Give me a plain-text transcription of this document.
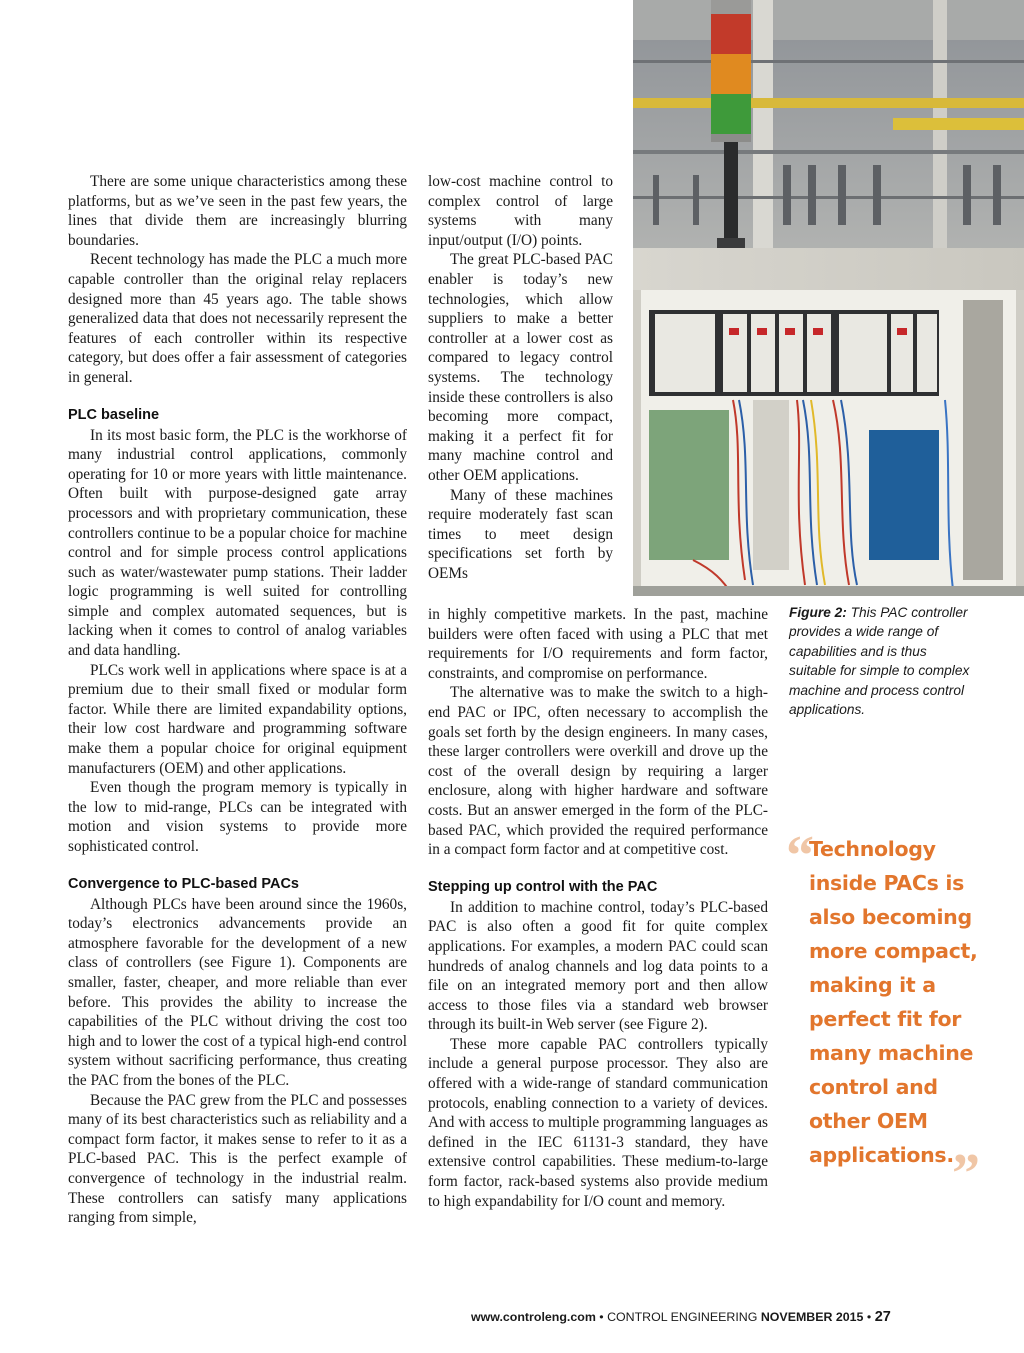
There are some unique characteristics among these platforms, but as we’ve seen in the past few years, the lines that divide them are increasingly blurring boundaries.

Recent technology has made the PLC a much more capable controller than the original relay replacers designed more than 45 years ago. The table shows generalized data that does not necessarily represent the features of each controller within its respective category, but does offer a fair assessment of categories in general.

PLC baseline

In its most basic form, the PLC is the workhorse of many industrial control applications, commonly operating for 10 or more years with little maintenance. Often built with purpose-designed gate array processors and with proprietary communication, these controllers continue to be a popular choice for machine control and for simple process control applications such as water/wastewater pump stations. Their ladder logic programming is well suited for controlling simple and complex automated sequences, but is lacking when it comes to control of analog variables and data handling.

PLCs work well in applications where space is at a premium due to their small fixed or modular form factor. While there are limited expandability options, their low cost hardware and programming software make them a popular choice for original equipment manufacturers (OEM) and other applications.

Even though the program memory is typically in the low to mid-range, PLCs can be integrated with motion and vision systems to provide more sophisticated control.

Convergence to PLC-based PACs

Although PLCs have been around since the 1960s, today’s electronics advancements provide an atmosphere favorable for the development of a new class of controllers (see Figure 1). Components are smaller, faster, cheaper, and more reliable than ever before. This provides the ability to increase the capabilities of the PLC without driving the cost too high and to lower the cost of a typical high-end control system without sacrificing performance, thus creating the PAC from the bones of the PLC.

Because the PAC grew from the PLC and possesses many of its best characteristics such as reliability and a compact form factor, it makes sense to refer to it as a PLC-based PAC. This is the perfect example of convergence of technology in the industrial realm. These controllers can satisfy many applications ranging from simple,

low-cost machine control to complex control of large systems with many input/output (I/O) points.

The great PLC-based PAC enabler is today’s new technologies, which allow suppliers to make a better controller at a lower cost as compared to legacy control systems. The technology inside these controllers is also becoming more compact, making it a perfect fit for many machine control and other OEM applications.

Many of these machines require moderately fast scan times to meet design specifications set forth by OEMs

in highly competitive markets. In the past, machine builders were often faced with using a PLC that met requirements for I/O requirements and form factor, constraints, and compromise on performance.

The alternative was to make the switch to a high-end PAC or IPC, often necessary to accomplish the goals set forth by the design engineers. In many cases, these larger controllers were overkill and drove up the cost of the overall design by requiring a larger enclosure, along with higher hardware and software costs. But an answer emerged in the form of the PLC-based PAC, which provided the required performance in a compact form factor and at competitive cost.

Stepping up control with the PAC

In addition to machine control, today’s PLC-based PAC is also often a good fit for quite complex applications. For examples, a modern PAC could scan hundreds of analog channels and log data points to a file on an integrated memory port and then allow access to those files via a standard web browser through its built-in Web server (see Figure 2).

These more capable PAC controllers typically include a general purpose processor. They also are offered with a wide-range of standard communication protocols, enabling connection to a variety of devices. And with access to multiple programming languages as defined in the IEC 61131-3 standard, they have extensive control capabilities. These medium-to-large form factor, rack-based systems also provide medium to high expandability for I/O count and memory.

Figure 2: This PAC controller provides a wide range of capabilities and is thus suitable for simple to complex machine and process control applications.
“
Technology inside PACs is also becoming more compact, making it a perfect fit for many machine control and other OEM applications.
”
www.controleng.com • CONTROL ENGINEERING NOVEMBER 2015 • 27
